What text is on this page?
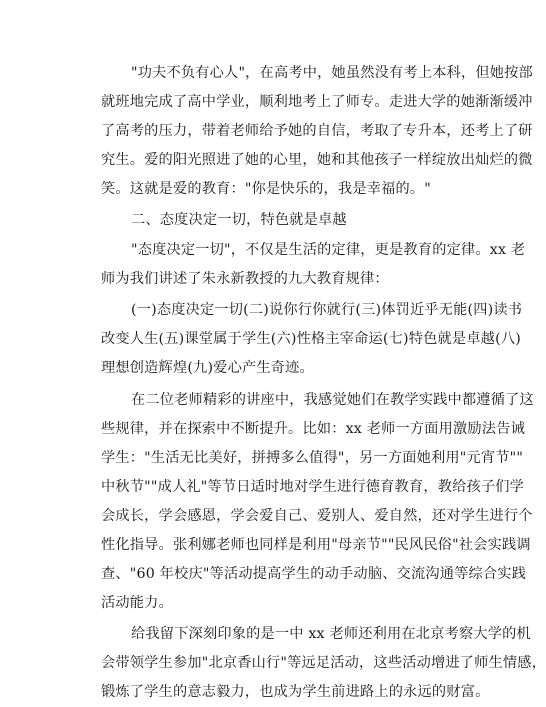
"功夫不负有心人"，在高考中，她虽然没有考上本科，但她按部
就班地完成了高中学业，顺利地考上了师专。走进大学的她渐渐缓冲
了高考的压力，带着老师给予她的自信，考取了专升本，还考上了研
究生。爱的阳光照进了她的心里，她和其他孩子一样绽放出灿烂的微
笑。这就是爱的教育："你是快乐的，我是幸福的。"
二、态度决定一切，特色就是卓越
"态度决定一切"，不仅是生活的定律，更是教育的定律。xx 老
师为我们讲述了朱永新教授的九大教育规律：
(一)态度决定一切(二)说你行你就行(三)体罚近乎无能(四)读书
改变人生(五)课堂属于学生(六)性格主宰命运(七)特色就是卓越(八)
理想创造辉煌(九)爱心产生奇迹。
在二位老师精彩的讲座中，我感觉她们在教学实践中都遵循了这
些规律，并在探索中不断提升。比如：xx 老师一方面用激励法告诫
学生："生活无比美好，拼搏多么值得"，另一方面她利用"元宵节""
中秋节""成人礼"等节日适时地对学生进行德育教育，教给孩子们学
会成长，学会感恩，学会爱自己、爱别人、爱自然，还对学生进行个
性化指导。张利娜老师也同样是利用"母亲节""民风民俗"社会实践调
查、"60 年校庆"等活动提高学生的动手动脑、交流沟通等综合实践
活动能力。
给我留下深刻印象的是一中 xx 老师还利用在北京考察大学的机
会带领学生参加"北京香山行"等远足活动，这些活动增进了师生情感，
锻炼了学生的意志毅力，也成为学生前进路上的永远的财富。
